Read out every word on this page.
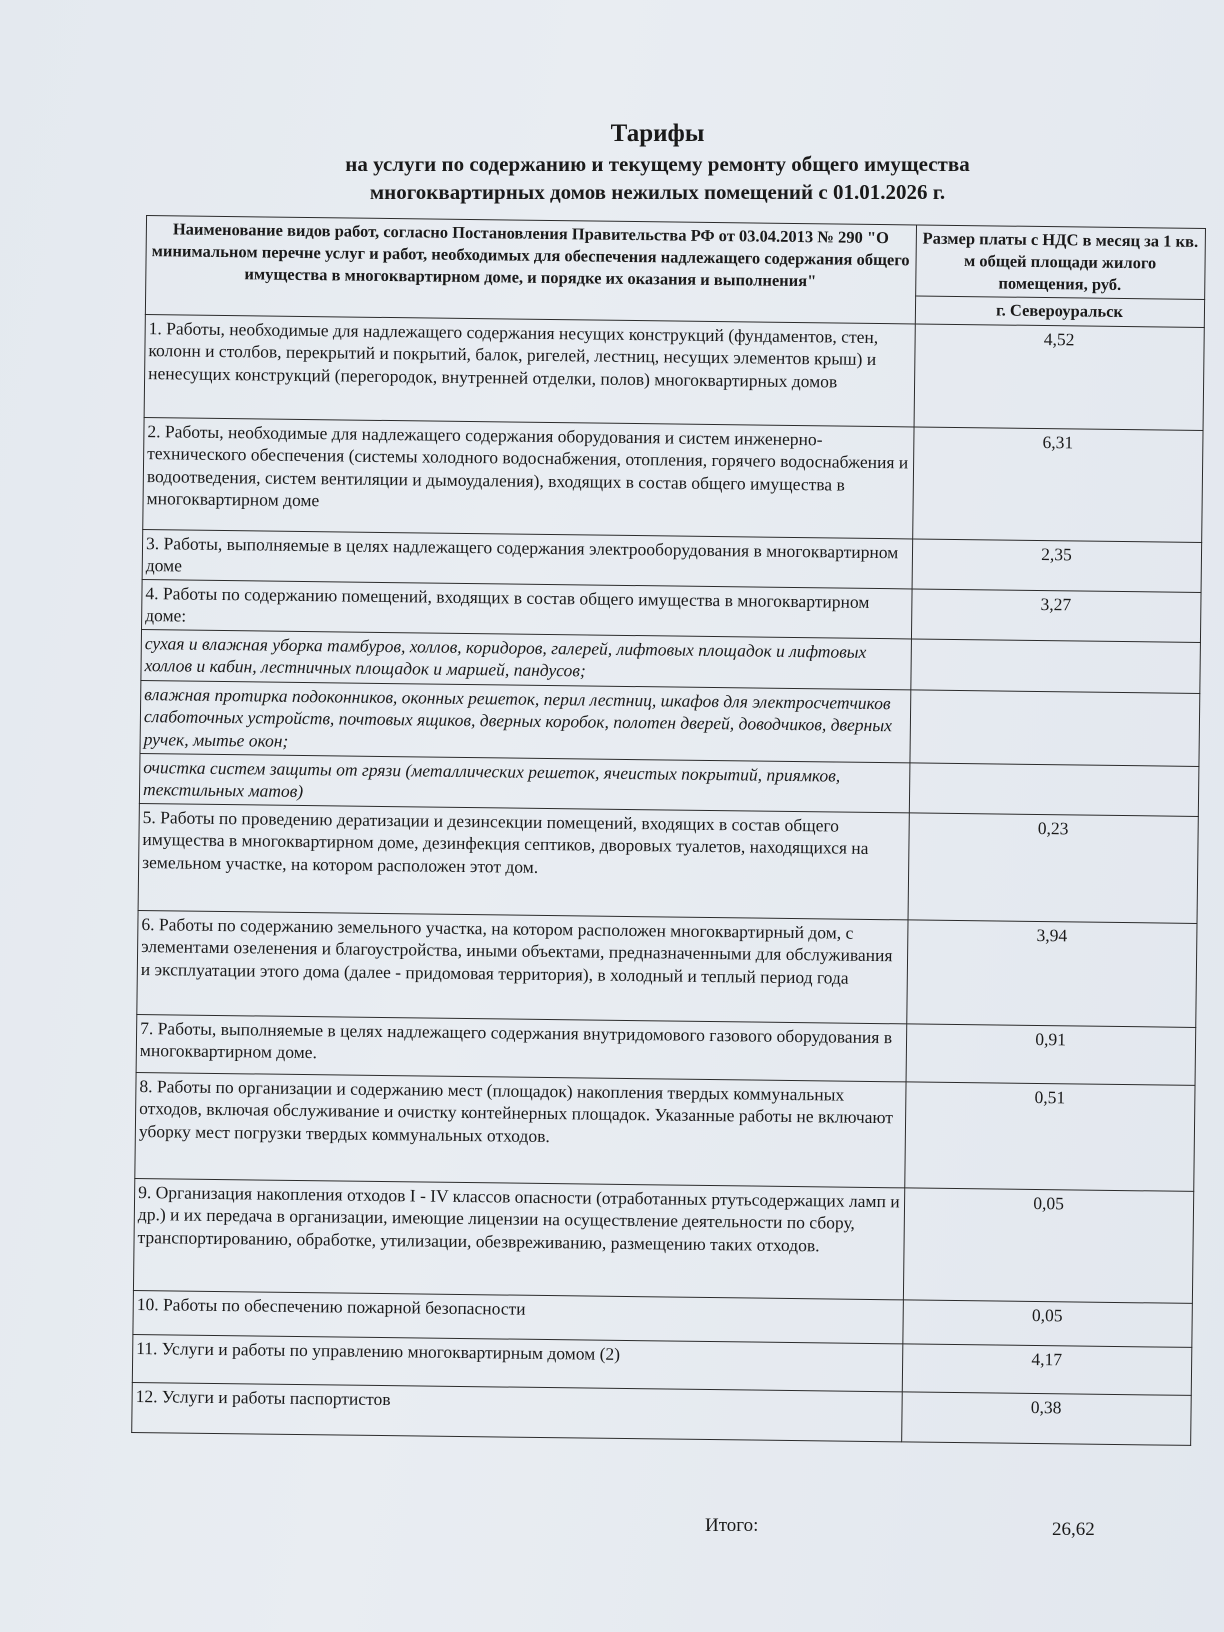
Тарифы
на услуги по содержанию и текущему ремонту общего имущества
многоквартирных домов нежилых помещений с 01.01.2026 г.
Наименование видов работ, согласно Постановления Правительства РФ от 03.04.2013 № 290 "О минимальном перечне услуг и работ, необходимых для обеспечения надлежащего содержания общего имущества в многоквартирном доме, и порядке их оказания и выполнения"	Размер платы с НДС в месяц за 1 кв. м общей площади жилого помещения, руб.
	г. Североуральск
1. Работы, необходимые для надлежащего содержания несущих конструкций (фундаментов, стен, колонн и столбов, перекрытий и покрытий, балок, ригелей, лестниц, несущих элементов крыш) и ненесущих конструкций (перегородок, внутренней отделки, полов) многоквартирных домов	4,52
2. Работы, необходимые для надлежащего содержания оборудования и систем инженерно-технического обеспечения (системы холодного водоснабжения, отопления, горячего водоснабжения и водоотведения, систем вентиляции и дымоудаления), входящих в состав общего имущества в многоквартирном доме	6,31
3. Работы, выполняемые в целях надлежащего содержания электрооборудования в многоквартирном доме	2,35
4. Работы по содержанию помещений, входящих в состав общего имущества в многоквартирном доме:	3,27
сухая и влажная уборка тамбуров, холлов, коридоров, галерей, лифтовых площадок и лифтовых холлов и кабин, лестничных площадок и маршей, пандусов;	
влажная протирка подоконников, оконных решеток, перил лестниц, шкафов для электросчетчиков слаботочных устройств, почтовых ящиков, дверных коробок, полотен дверей, доводчиков, дверных ручек, мытье окон;	
очистка систем защиты от грязи (металлических решеток, ячеистых покрытий, приямков, текстильных матов)	
5. Работы по проведению дератизации и дезинсекции помещений, входящих в состав общего имущества в многоквартирном доме, дезинфекция септиков, дворовых туалетов, находящихся на земельном участке, на котором расположен этот дом.	0,23
6. Работы по содержанию земельного участка, на котором расположен многоквартирный дом, с элементами озеленения и благоустройства, иными объектами, предназначенными для обслуживания и эксплуатации этого дома (далее - придомовая территория), в холодный и теплый период года	3,94
7. Работы, выполняемые в целях надлежащего содержания внутридомового газового оборудования в многоквартирном доме.	0,91
8. Работы по организации и содержанию мест (площадок) накопления твердых коммунальных отходов, включая обслуживание и очистку контейнерных площадок. Указанные работы не включают уборку мест погрузки твердых коммунальных отходов.	0,51
9. Организация накопления отходов I - IV классов опасности (отработанных ртутьсодержащих ламп и др.) и их передача в организации, имеющие лицензии на осуществление деятельности по сбору, транспортированию, обработке, утилизации, обезвреживанию, размещению таких отходов.	0,05
10. Работы по обеспечению пожарной безопасности	0,05
11. Услуги и работы по управлению многоквартирным домом (2)	4,17
12. Услуги и работы паспортистов	0,38
Итого:	26,62
